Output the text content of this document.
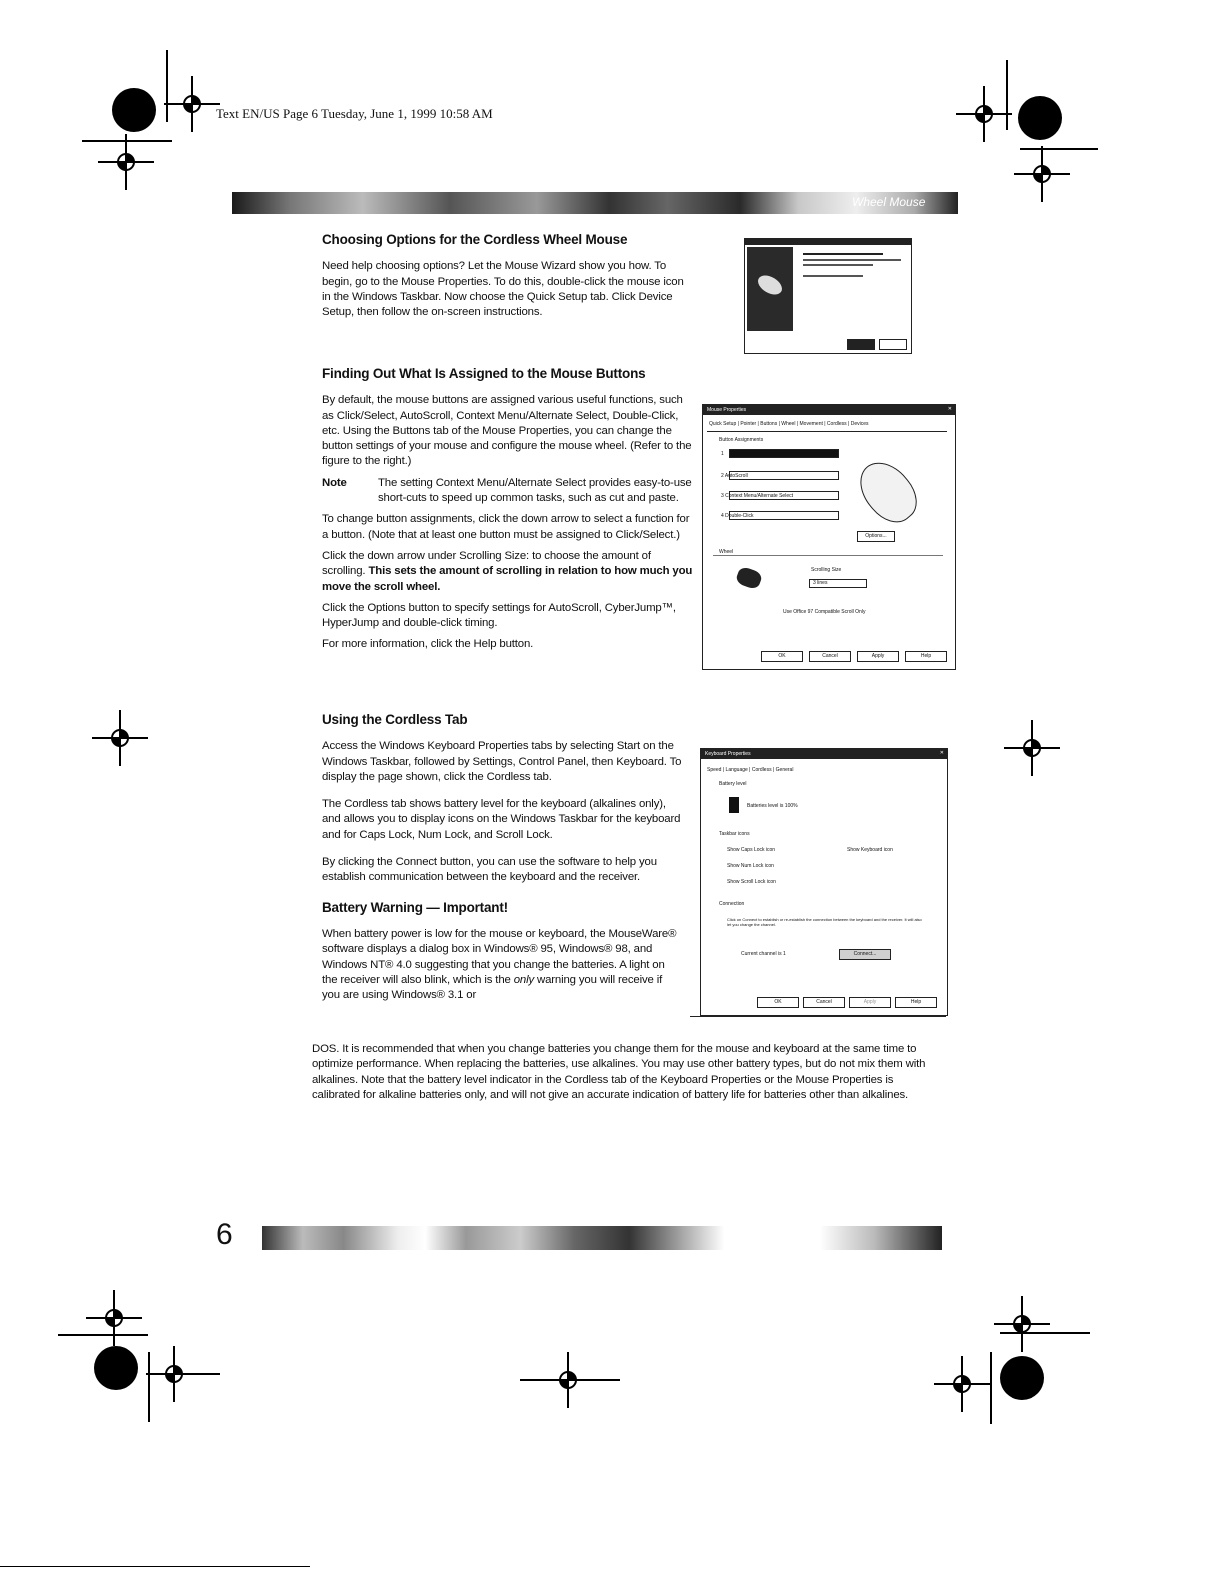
Text EN/US Page 6 Tuesday, June 1, 1999 10:58 AM
Wheel Mouse
Choosing Options for the Cordless Wheel Mouse

Need help choosing options? Let the Mouse Wizard show you how. To begin, go to the Mouse Properties. To do this, double-click the mouse icon in the Windows Taskbar. Now choose the Quick Setup tab. Click Device Setup, then follow the on-screen instructions.

Finding Out What Is Assigned to the Mouse Buttons

By default, the mouse buttons are assigned various useful functions, such as Click/Select, AutoScroll, Context Menu/Alternate Select, Double-Click, etc. Using the Buttons tab of the Mouse Properties, you can change the button settings of your mouse and configure the mouse wheel. (Refer to the figure to the right.)

Note	The setting Context Menu/Alternate Select provides easy-to-use short-cuts to speed up common tasks, such as cut and paste.

To change button assignments, click the down arrow to select a function for a button. (Note that at least one button must be assigned to Click/Select.)

Click the down arrow under Scrolling Size: to choose the amount of scrolling. This sets the amount of scrolling in relation to how much you move the scroll wheel.

Click the Options button to specify settings for AutoScroll, CyberJump™, HyperJump and double-click timing.

For more information, click the Help button.

Mouse Properties	✕
Quick Setup | Pointer | Buttons | Wheel | Movement | Cordless | Devices
Button Assignments
1
2 AutoScroll
3 Context Menu/Alternate Select
4 Double-Click
Options...
Wheel
Scrolling Size
3 lines
Use Office 97 Compatible Scroll Only
OK	Cancel	Apply	Help
Using the Cordless Tab

Access the Windows Keyboard Properties tabs by selecting Start on the Windows Taskbar, followed by Settings, Control Panel, then Keyboard. To display the page shown, click the Cordless tab.

The Cordless tab shows battery level for the keyboard (alkalines only), and allows you to display icons on the Windows Taskbar for the keyboard and for Caps Lock, Num Lock, and Scroll Lock.

By clicking the Connect button, you can use the software to help you establish communication between the keyboard and the receiver.

Battery Warning — Important!

When battery power is low for the mouse or keyboard, the MouseWare® software displays a dialog box in Windows® 95, Windows® 98, and Windows NT® 4.0 suggesting that you change the batteries. A light on the receiver will also blink, which is the only warning you will receive if you are using Windows® 3.1 or

Keyboard Properties	✕
Speed | Language | Cordless | General
Battery level
Batteries level is 100%
Taskbar icons
Show Caps Lock icon	Show Keyboard icon
Show Num Lock icon
Show Scroll Lock icon
Connection
Click on Connect to establish or re-establish the connection between the keyboard and the receiver. It will also let you change the channel.
Current channel is 1	Connect...
OK	Cancel	Apply	Help
DOS. It is recommended that when you change batteries you change them for the mouse and keyboard at the same time to optimize performance. When replacing the batteries, use alkalines. You may use other battery types, but do not mix them with alkalines. Note that the battery level indicator in the Cordless tab of the Keyboard Properties or the Mouse Properties is calibrated for alkaline batteries only, and will not give an accurate indication of battery life for batteries other than alkalines.
6
